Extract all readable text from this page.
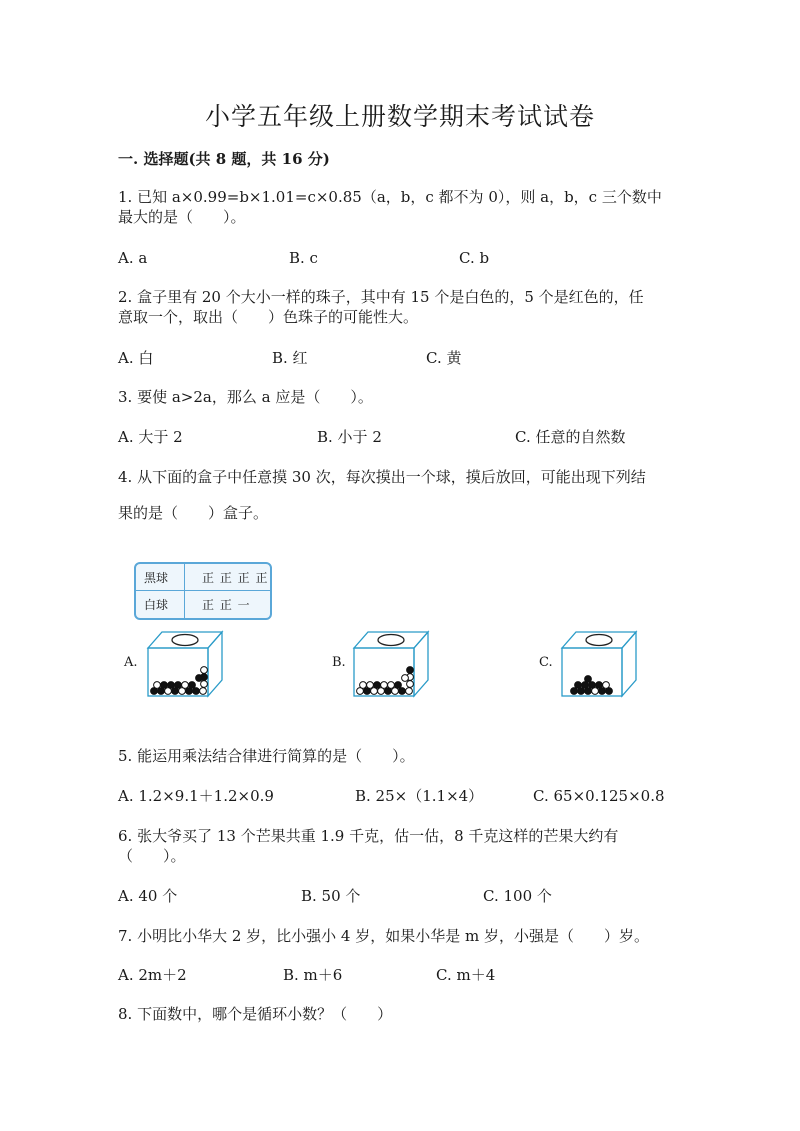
小学五年级上册数学期末考试试卷
一. 选择题(共 8 题，共 16 分)
1. 已知 a×0.99=b×1.01=c×0.85（a，b，c 都不为 0），则 a，b，c 三个数中
最大的是（　　）。
A. a	B. c	C. b
2. 盒子里有 20 个大小一样的珠子，其中有 15 个是白色的，5 个是红色的，任
意取一个，取出（　　）色珠子的可能性大。
A. 白	B. 红	C. 黄
3. 要使 a>2a，那么 a 应是（　　）。
A. 大于 2	B. 小于 2	C. 任意的自然数
4. 从下面的盒子中任意摸 30 次，每次摸出一个球，摸后放回，可能出现下列结
果的是（　　）盒子。
黑球	正 正 正 正
白球	正 正 一
A.	B.	C.
5. 能运用乘法结合律进行简算的是（　　）。
A. 1.2×9.1＋1.2×0.9	B. 25×（1.1×4）	C. 65×0.125×0.8
6. 张大爷买了 13 个芒果共重 1.9 千克，估一估，8 千克这样的芒果大约有
（　　）。
A. 40 个	B. 50 个	C. 100 个
7. 小明比小华大 2 岁，比小强小 4 岁，如果小华是 m 岁，小强是（　　）岁。
A. 2m＋2	B. m＋6	C. m＋4
8. 下面数中，哪个是循环小数？（　　）
